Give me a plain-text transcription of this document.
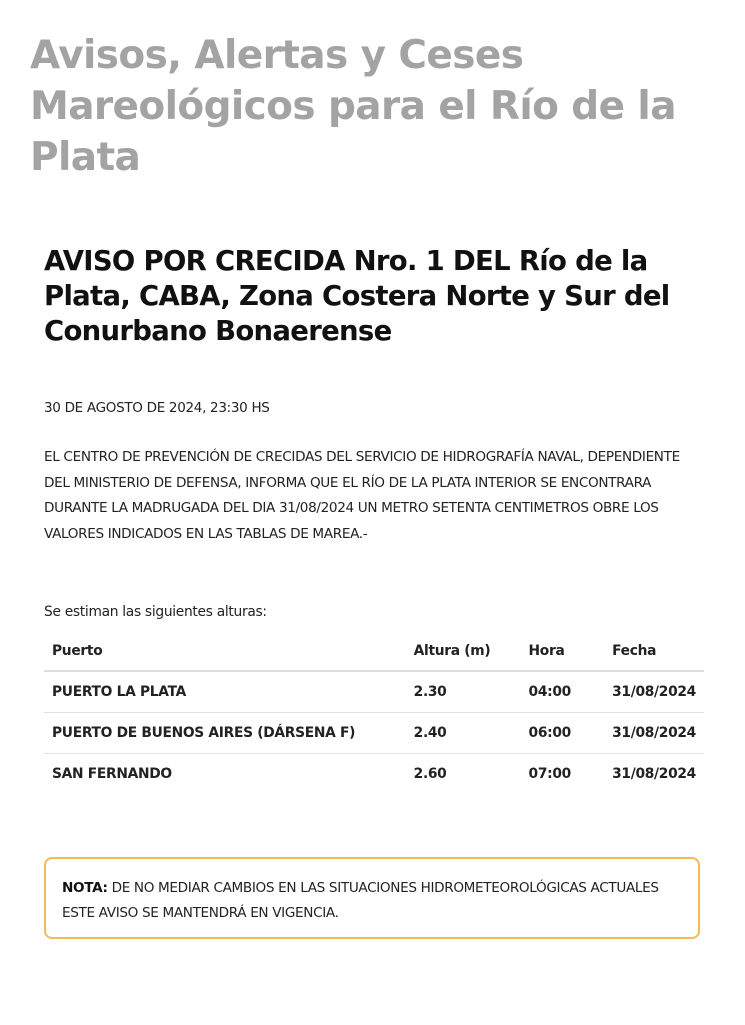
Avisos, Alertas y Ceses Mareológicos para el Río de la Plata
AVISO POR CRECIDA Nro. 1 DEL Río de la Plata, CABA, Zona Costera Norte y Sur del Conurbano Bonaerense

30 DE AGOSTO DE 2024, 23:30 HS

EL CENTRO DE PREVENCIÓN DE CRECIDAS DEL SERVICIO DE HIDROGRAFÍA NAVAL, DEPENDIENTE DEL MINISTERIO DE DEFENSA, INFORMA QUE EL RÍO DE LA PLATA INTERIOR SE ENCONTRARA DURANTE LA MADRUGADA DEL DIA 31/08/2024 UN METRO SETENTA CENTIMETROS OBRE LOS VALORES INDICADOS EN LAS TABLAS DE MAREA.-

Se estiman las siguientes alturas:

Puerto	Altura (m)	Hora	Fecha
PUERTO LA PLATA	2.30	04:00	31/08/2024
PUERTO DE BUENOS AIRES (DÁRSENA F)	2.40	06:00	31/08/2024
SAN FERNANDO	2.60	07:00	31/08/2024

NOTA: DE NO MEDIAR CAMBIOS EN LAS SITUACIONES HIDROMETEOROLÓGICAS ACTUALES ESTE AVISO SE MANTENDRÁ EN VIGENCIA.
